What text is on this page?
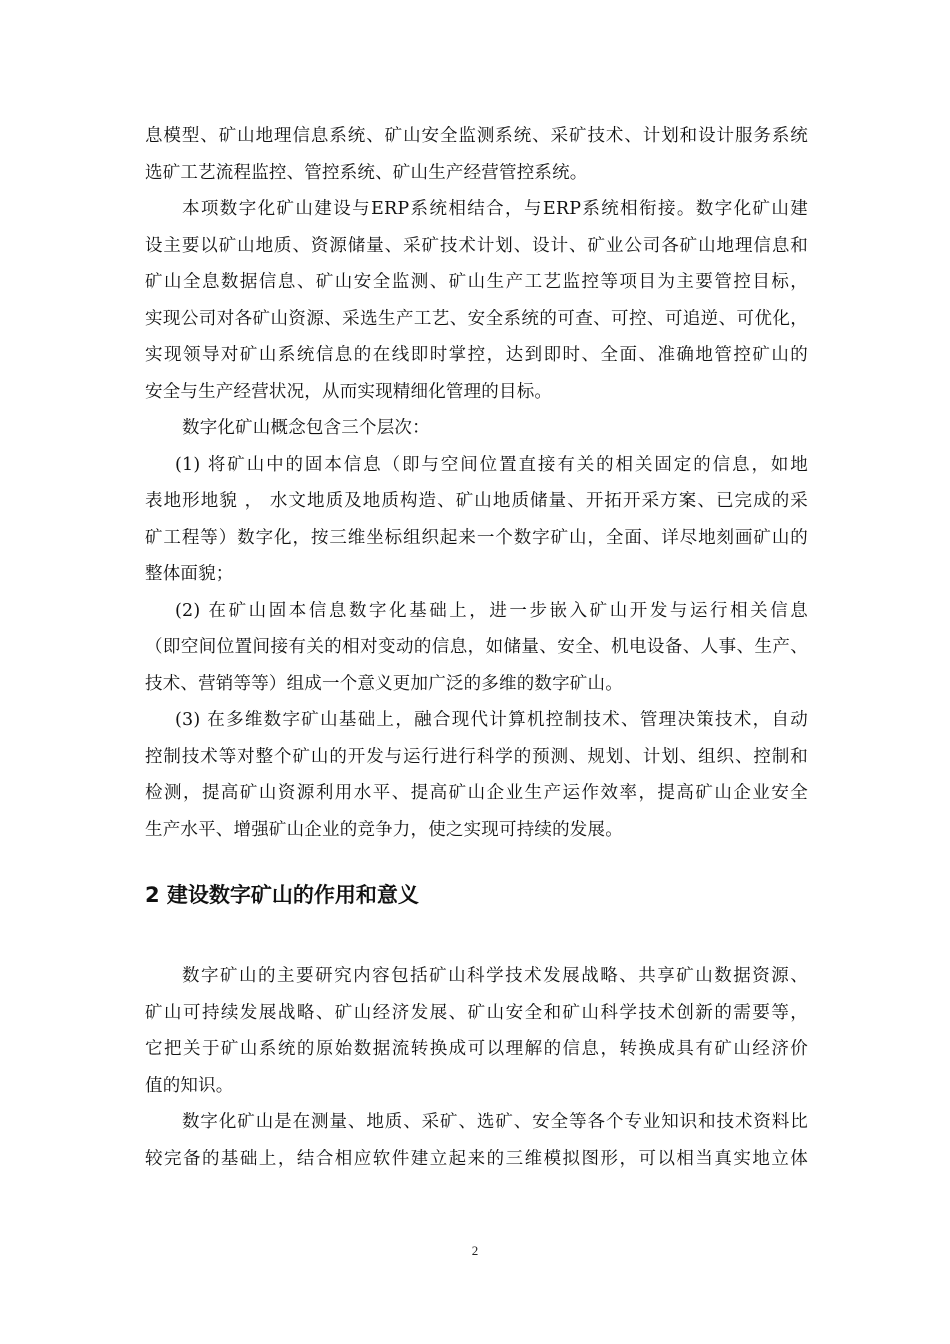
息模型、矿山地理信息系统、矿山安全监测系统、采矿技术、计划和设计服务系统
选矿工艺流程监控、管控系统、矿山生产经营管控系统。
本项数字化矿山建设与ERP系统相结合，与ERP系统相衔接。数字化矿山建
设主要以矿山地质、资源储量、采矿技术计划、设计、矿业公司各矿山地理信息和
矿山全息数据信息、矿山安全监测、矿山生产工艺监控等项目为主要管控目标，
实现公司对各矿山资源、采选生产工艺、安全系统的可查、可控、可追逆、可优化，
实现领导对矿山系统信息的在线即时掌控，达到即时、全面、准确地管控矿山的
安全与生产经营状况，从而实现精细化管理的目标。
数字化矿山概念包含三个层次：
(1) 将矿山中的固本信息（即与空间位置直接有关的相关固定的信息，如地
表地形地貌 ， 水文地质及地质构造、矿山地质储量、开拓开采方案、已完成的采
矿工程等）数字化，按三维坐标组织起来一个数字矿山，全面、详尽地刻画矿山的
整体面貌；
(2) 在矿山固本信息数字化基础上，进一步嵌入矿山开发与运行相关信息
（即空间位置间接有关的相对变动的信息，如储量、安全、机电设备、人事、生产、
技术、营销等等）组成一个意义更加广泛的多维的数字矿山。
(3) 在多维数字矿山基础上，融合现代计算机控制技术、管理决策技术，自动
控制技术等对整个矿山的开发与运行进行科学的预测、规划、计划、组织、控制和
检测，提高矿山资源利用水平、提高矿山企业生产运作效率，提高矿山企业安全
生产水平、增强矿山企业的竞争力，使之实现可持续的发展。
2 建设数字矿山的作用和意义
数字矿山的主要研究内容包括矿山科学技术发展战略、共享矿山数据资源、
矿山可持续发展战略、矿山经济发展、矿山安全和矿山科学技术创新的需要等，
它把关于矿山系统的原始数据流转换成可以理解的信息，转换成具有矿山经济价
值的知识。
数字化矿山是在测量、地质、采矿、选矿、安全等各个专业知识和技术资料比
较完备的基础上，结合相应软件建立起来的三维模拟图形，可以相当真实地立体
2
